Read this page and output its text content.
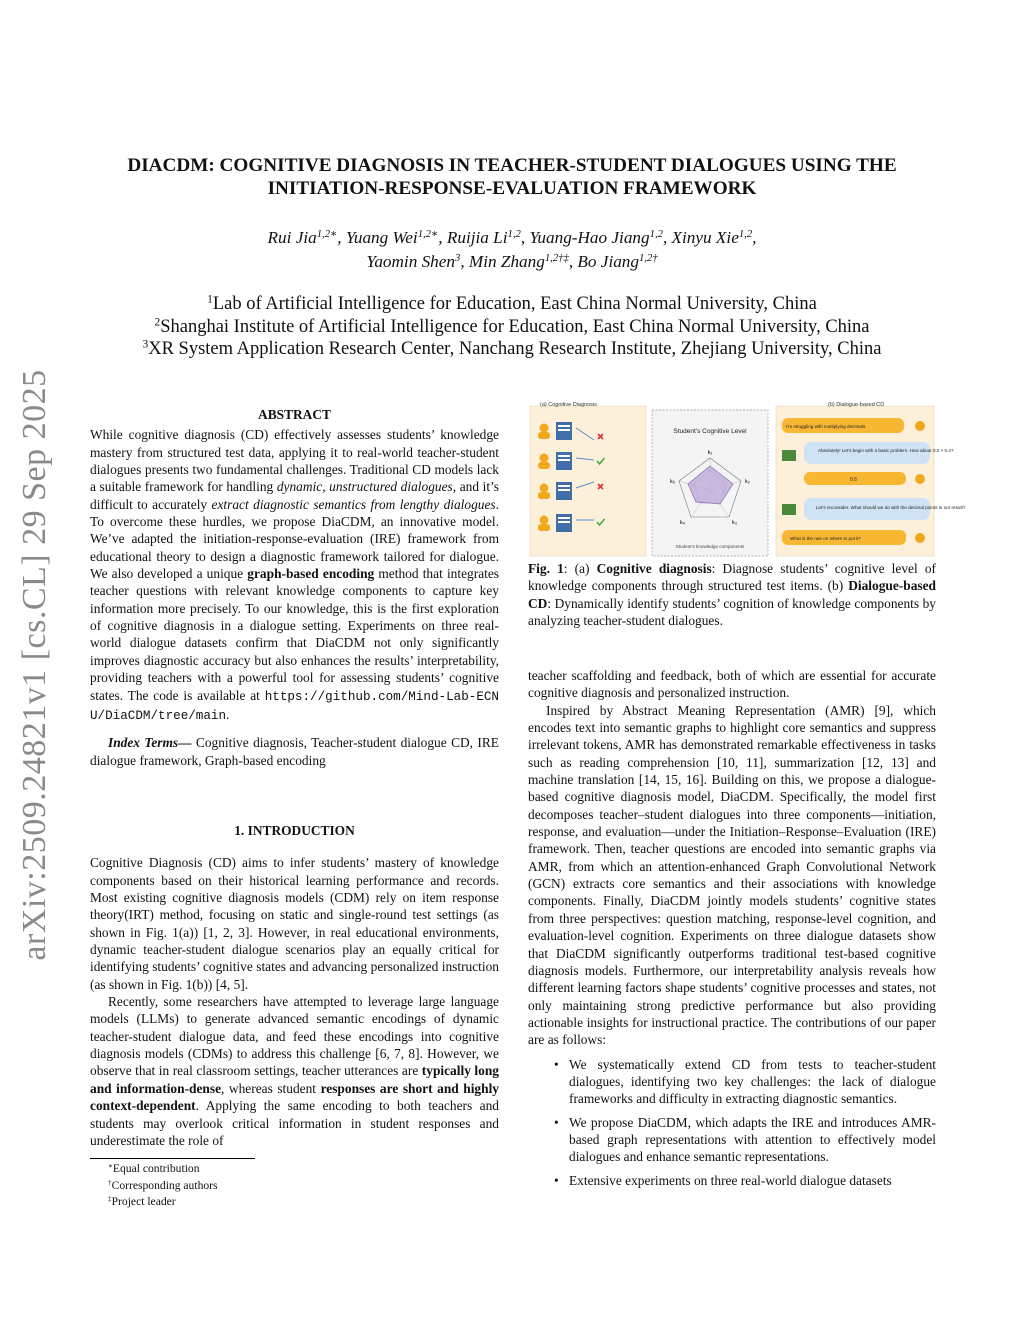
arXiv:2509.24821v1 [cs.CL] 29 Sep 2025
DIACDM: COGNITIVE DIAGNOSIS IN TEACHER-STUDENT DIALOGUES USING THE
INITIATION-RESPONSE-EVALUATION FRAMEWORK
Rui Jia$^{1,2∗}$, Yuang Wei$^{1,2∗}$, Ruijia Li$^{1,2}$, Yuang-Hao Jiang$^{1,2}$, Xinyu Xie$^{1,2}$,
Yaomin Shen$^3$, Min Zhang$^{1,2\dagger\ddagger}$, Bo Jiang$^{1,2\dagger}$
$^1$Lab of Artificial Intelligence for Education, East China Normal University, China
$^2$Shanghai Institute of Artificial Intelligence for Education, East China Normal University, China
$^3$XR System Application Research Center, Nanchang Research Institute, Zhejiang University, China
ABSTRACT

While cognitive diagnosis (CD) effectively assesses students’ knowledge mastery from structured test data, applying it to real-world teacher-student dialogues presents two fundamental challenges. Traditional CD models lack a suitable framework for handling dynamic, unstructured dialogues, and it’s difficult to accurately extract diagnostic semantics from lengthy dialogues. To overcome these hurdles, we propose DiaCDM, an innovative model. We’ve adapted the initiation-response-evaluation (IRE) framework from educational theory to design a diagnostic framework tailored for dialogue. We also developed a unique graph-based encoding method that integrates teacher questions with relevant knowledge components to capture key information more precisely. To our knowledge, this is the first exploration of cognitive diagnosis in a dialogue setting. Experiments on three real-world dialogue datasets confirm that DiaCDM not only significantly improves diagnostic accuracy but also enhances the results’ interpretability, providing teachers with a powerful tool for assessing students’ cognitive states. The code is available at https://github.com/Mind-Lab-ECNU/DiaCDM/tree/main.

Index Terms— Cognitive diagnosis, Teacher-student dialogue CD, IRE dialogue framework, Graph-based encoding

1. INTRODUCTION

Cognitive Diagnosis (CD) aims to infer students’ mastery of knowledge components based on their historical learning performance and records. Most existing cognitive diagnosis models (CDM) rely on item response theory(IRT) method, focusing on static and single-round test settings (as shown in Fig. 1(a)) [1, 2, 3]. However, in real educational environments, dynamic teacher-student dialogue scenarios play an equally critical for identifying students’ cognitive states and advancing personalized instruction (as shown in Fig. 1(b)) [4, 5].

Recently, some researchers have attempted to leverage large language models (LLMs) to generate advanced semantic encodings of dynamic teacher-student dialogue data, and feed these encodings into cognitive diagnosis models (CDMs) to address this challenge [6, 7, 8]. However, we observe that in real classroom settings, teacher utterances are typically long and information-dense, whereas student responses are short and highly context-dependent. Applying the same encoding to both teachers and students may overlook critical information in student responses and underestimate the role of

∗Equal contribution
†Corresponding authors
‡Project leader
(a) Cognitive Diagnosis
Student’s Cognitive Level
k₁
k₂
k₃
k₄
k₅
Student’s knowledge components
(b) Dialogue-based CD
I’m struggling with multiplying decimals.
Absolutely! Let’s begin with a basic problem. How about 0.2 × 0.3?
0.6
Let’s reconsider. What should we do with the decimal points in our result?
What is the rule on where to put it?
Fig. 1: (a) Cognitive diagnosis: Diagnose students’ cognitive level of knowledge components through structured test items. (b) Dialogue-based CD: Dynamically identify students’ cognition of knowledge components by analyzing teacher-student dialogues.

teacher scaffolding and feedback, both of which are essential for accurate cognitive diagnosis and personalized instruction.

Inspired by Abstract Meaning Representation (AMR) [9], which encodes text into semantic graphs to highlight core semantics and suppress irrelevant tokens, AMR has demonstrated remarkable effectiveness in tasks such as reading comprehension [10, 11], summarization [12, 13] and machine translation [14, 15, 16]. Building on this, we propose a dialogue-based cognitive diagnosis model, DiaCDM. Specifically, the model first decomposes teacher–student dialogues into three components—initiation, response, and evaluation—under the Initiation–Response–Evaluation (IRE) framework. Then, teacher questions are encoded into semantic graphs via AMR, from which an attention-enhanced Graph Convolutional Network (GCN) extracts core semantics and their associations with knowledge components. Finally, DiaCDM jointly models students’ cognitive states from three perspectives: question matching, response-level cognition, and evaluation-level cognition. Experiments on three dialogue datasets show that DiaCDM significantly outperforms traditional test-based cognitive diagnosis models. Furthermore, our interpretability analysis reveals how different learning factors shape students’ cognitive processes and states, not only maintaining strong predictive performance but also providing actionable insights for instructional practice. The contributions of our paper are as follows:

• We systematically extend CD from tests to teacher-student dialogues, identifying two key challenges: the lack of dialogue frameworks and difficulty in extracting diagnostic semantics.
• We propose DiaCDM, which adapts the IRE and introduces AMR-based graph representations with attention to effectively model dialogues and enhance semantic representations.
• Extensive experiments on three real-world dialogue datasets
